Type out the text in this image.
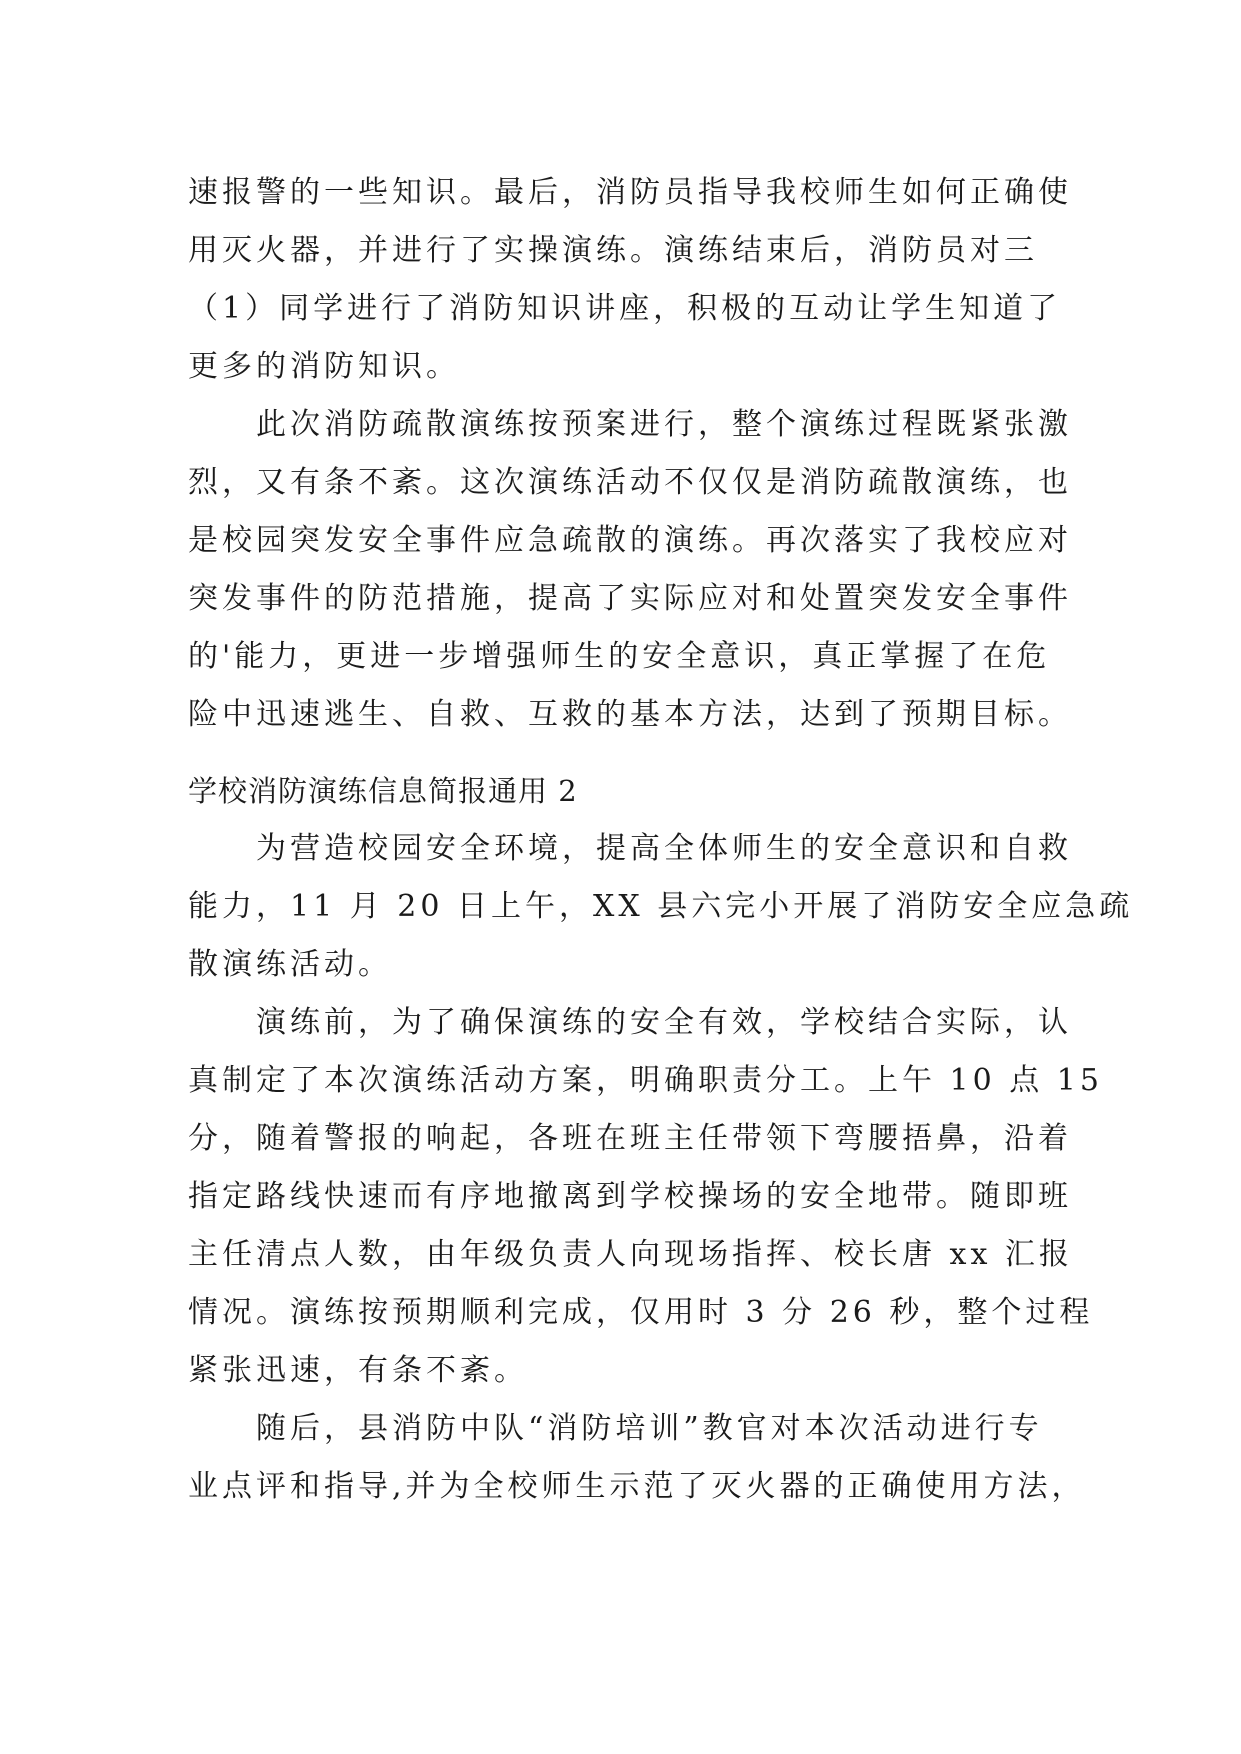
速报警的一些知识。最后，消防员指导我校师生如何正确使
用灭火器，并进行了实操演练。演练结束后，消防员对三
（1）同学进行了消防知识讲座，积极的互动让学生知道了
更多的消防知识。
　　此次消防疏散演练按预案进行，整个演练过程既紧张激
烈，又有条不紊。这次演练活动不仅仅是消防疏散演练，也
是校园突发安全事件应急疏散的演练。再次落实了我校应对
突发事件的防范措施，提高了实际应对和处置突发安全事件
的'能力，更进一步增强师生的安全意识，真正掌握了在危
险中迅速逃生、自救、互救的基本方法，达到了预期目标。
学校消防演练信息简报通用 2
　　为营造校园安全环境，提高全体师生的安全意识和自救
能力，11 月 20 日上午，XX 县六完小开展了消防安全应急疏
散演练活动。
　　演练前，为了确保演练的安全有效，学校结合实际，认
真制定了本次演练活动方案，明确职责分工。上午 10 点 15
分，随着警报的响起，各班在班主任带领下弯腰捂鼻，沿着
指定路线快速而有序地撤离到学校操场的安全地带。随即班
主任清点人数，由年级负责人向现场指挥、校长唐 xx 汇报
情况。演练按预期顺利完成，仅用时 3 分 26 秒，整个过程
紧张迅速，有条不紊。
　　随后，县消防中队“消防培训”教官对本次活动进行专
业点评和指导,并为全校师生示范了灭火器的正确使用方法，
